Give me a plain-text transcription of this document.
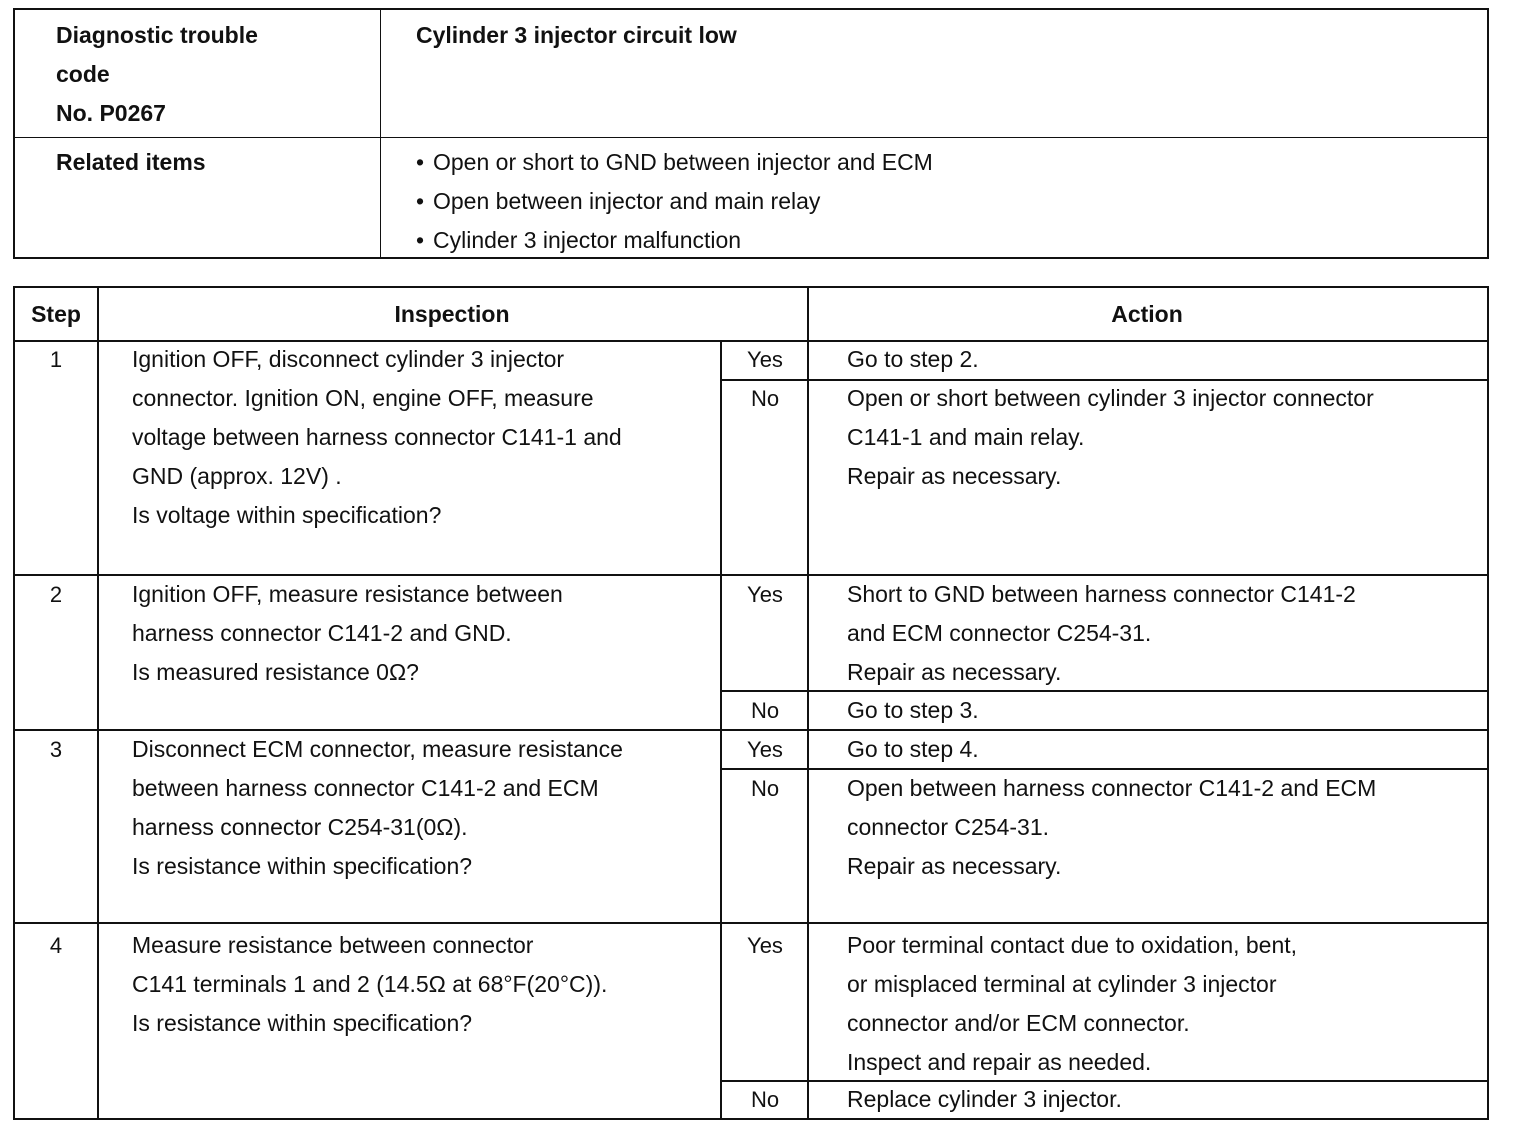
Diagnostic trouble
code
No. P0267
Cylinder 3 injector circuit low
Related items
•	Open or short to GND between injector and ECM
• Open between injector and main relay
• Cylinder 3 injector malfunction
Step	Inspection	Action
1	Ignition OFF, disconnect cylinder 3 injector
connector. Ignition ON, engine OFF, measure
voltage between harness connector C141-1 and
GND (approx. 12V) .
Is voltage within specification?
Yes	Go to step 2.
No	Open or short between cylinder 3 injector connector
C141-1 and main relay.
Repair as necessary.
2	Ignition OFF, measure resistance between
harness connector C141-2 and GND.
Is measured resistance 0Ω?
Yes	Short to GND between harness connector C141-2
and ECM connector C254-31.
Repair as necessary.
No	Go to step 3.
3	Disconnect ECM connector, measure resistance
between harness connector C141-2 and ECM
harness connector C254-31(0Ω).
Is resistance within specification?
Yes	Go to step 4.
No	Open between harness connector C141-2 and ECM
connector C254-31.
Repair as necessary.
4	Measure resistance between connector
C141 terminals 1 and 2 (14.5Ω at 68°F(20°C)).
Is resistance within specification?
Yes	Poor terminal contact due to oxidation, bent,
or misplaced terminal at cylinder 3 injector
connector and/or ECM connector.
Inspect and repair as needed.
No	Replace cylinder 3 injector.
